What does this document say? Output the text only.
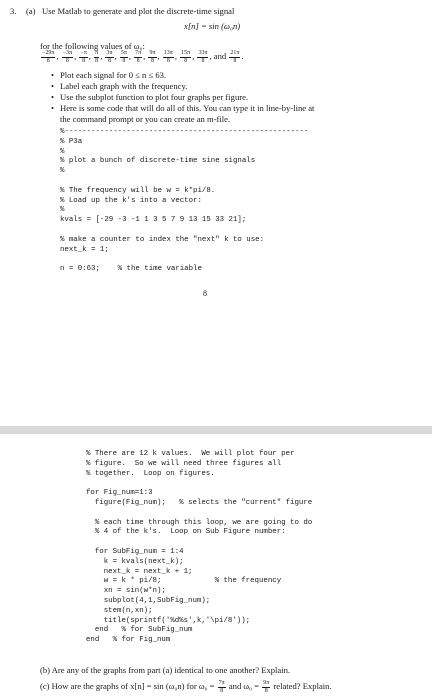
3. (a) Use Matlab to generate and plot the discrete-time signal
x[n] = sin (ω₀n)
for the following values of ω₀:
$\frac{-29\pi}{8}$ , $\frac{-3\pi}{8}$ , $\frac{-\pi}{8}$ , $\frac{\pi}{8}$ , $\frac{3\pi}{8}$ , $\frac{5\pi}{8}$ , $\frac{7\pi}{8}$ , $\frac{9\pi}{8}$ , $\frac{13\pi}{8}$ , $\frac{15\pi}{8}$ , $\frac{33\pi}{8}$ , and $\frac{21\pi}{8}$ .
• Plot each signal for 0 ≤ n ≤ 63.
• Label each graph with the frequency.
• Use the subplot function to plot four graphs per figure.
• Here is some code that will do all of this. You can type it in line-by-line at
the command prompt or you can create an m-file.
%-------------------------------------------------------
% P3a
%
% plot a bunch of discrete-time sine signals
%

% The frequency will be w = k*pi/8.
% Load up the k's into a vector:
%
kvals = [-29 -3 -1 1 3 5 7 9 13 15 33 21];

% make a counter to index the "next" k to use:
next_k = 1;

n = 0:63;    % the time variable
8
% There are 12 k values.  We will plot four per
% figure.  So we will need three figures all
% together.  Loop on figures.

for Fig_num=1:3
figure(Fig_num);   % selects the "current" figure

% each time through this loop, we are going to do
% 4 of the k's.  Loop on Sub Figure number:

for SubFig_num = 1:4
k = kvals(next_k);
next_k = next_k + 1;
w = k * pi/8;            % the frequency
xn = sin(w*n);
subplot(4,1,SubFig_num);
stem(n,xn);
title(sprintf('%d%s',k,'\pi/8'));
end   % for SubFig_num
end   % for Fig_num
(b) Are any of the graphs from part (a) identical to one another? Explain.
(c) How are the graphs of x[n] = sin (ω₀n) for $\omega_0 = \frac{7\pi}{8}$ and $\omega_0 = \frac{9\pi}{8}$ related? Explain.
